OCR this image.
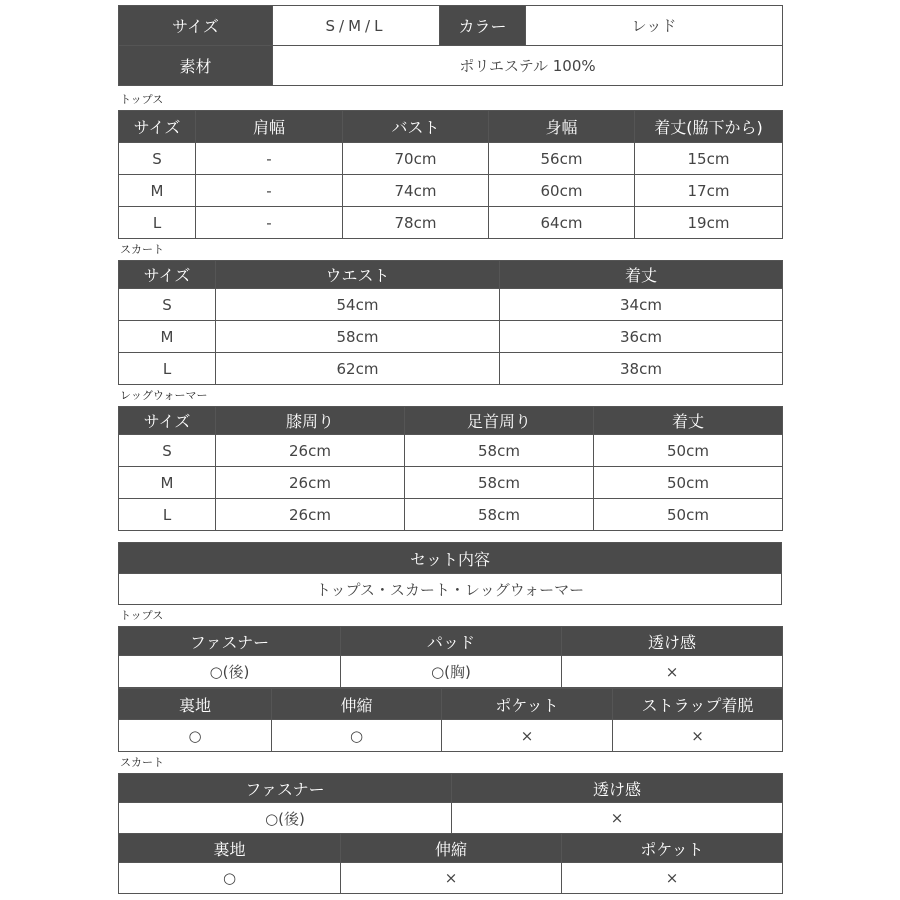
サイズ	S/M/L	カラー	レッド
素材	ポリエステル 100%		
トップス
サイズ	肩幅	バスト	身幅	着丈(脇下から)
S	-	70cm	56cm	15cm
M	-	74cm	60cm	17cm
L	-	78cm	64cm	19cm
スカート
サイズ	ウエスト	着丈
S	54cm	34cm
M	58cm	36cm
L	62cm	38cm
レッグウォーマー
サイズ	膝周り	足首周り	着丈
S	26cm	58cm	50cm
M	26cm	58cm	50cm
L	26cm	58cm	50cm
セット内容
トップス・スカート・レッグウォーマー
トップス
ファスナー	パッド	透け感
○(後)	○(胸)	×
裏地	伸縮	ポケット	ストラップ着脱
○	○	×	×
スカート
ファスナー	透け感
○(後)	×
裏地	伸縮	ポケット
○	×	×
